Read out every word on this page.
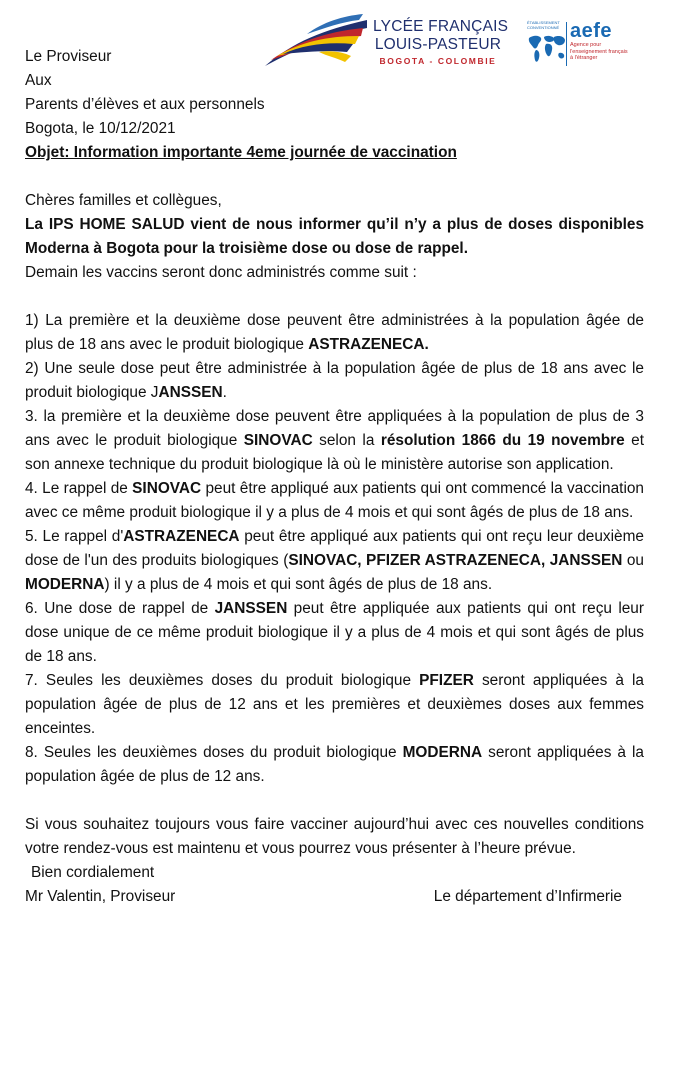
LYCÉE FRANÇAIS
LOUIS-PASTEUR
BOGOTA - COLOMBIE
ÉTABLISSEMENT
CONVENTIONNÉ aefe
Agence pour
l'enseignement français
à l'étranger
Le Proviseur
Aux
Parents d’élèves et aux personnels
Bogota, le 10/12/2021
Objet: Information importante 4eme journée de vaccination
Chères familles et collègues,
La IPS HOME SALUD vient de nous informer qu’il n’y a plus de doses disponibles Moderna à Bogota pour la troisième dose ou dose de rappel.
Demain les vaccins seront donc administrés comme suit :
1) La première et la deuxième dose peuvent être administrées à la population âgée de plus de 18 ans avec le produit biologique ASTRAZENECA.
2) Une seule dose peut être administrée à la population âgée de plus de 18 ans avec le produit biologique JANSSEN.
3. la première et la deuxième dose peuvent être appliquées à la population de plus de 3 ans avec le produit biologique SINOVAC selon la résolution 1866 du 19 novembre et son annexe technique du produit biologique là où le ministère autorise son application.
4. Le rappel de SINOVAC peut être appliqué aux patients qui ont commencé la vaccination avec ce même produit biologique il y a plus de 4 mois et qui sont âgés de plus de 18 ans.
5. Le rappel d'ASTRAZENECA peut être appliqué aux patients qui ont reçu leur deuxième dose de l'un des produits biologiques (SINOVAC, PFIZER ASTRAZENECA, JANSSEN ou MODERNA) il y a plus de 4 mois et qui sont âgés de plus de 18 ans.
6. Une dose de rappel de JANSSEN peut être appliquée aux patients qui ont reçu leur dose unique de ce même produit biologique il y a plus de 4 mois et qui sont âgés de plus de 18 ans.
7. Seules les deuxièmes doses du produit biologique PFIZER seront appliquées à la population âgée de plus de 12 ans et les premières et deuxièmes doses aux femmes enceintes.
8. Seules les deuxièmes doses du produit biologique MODERNA seront appliquées à la population âgée de plus de 12 ans.
Si vous souhaitez toujours vous faire vacciner aujourd’hui avec ces nouvelles conditions votre rendez-vous est maintenu et vous pourrez vous présenter à l’heure prévue.
Bien cordialement
Mr Valentin, Proviseur	Le département d’Infirmerie
